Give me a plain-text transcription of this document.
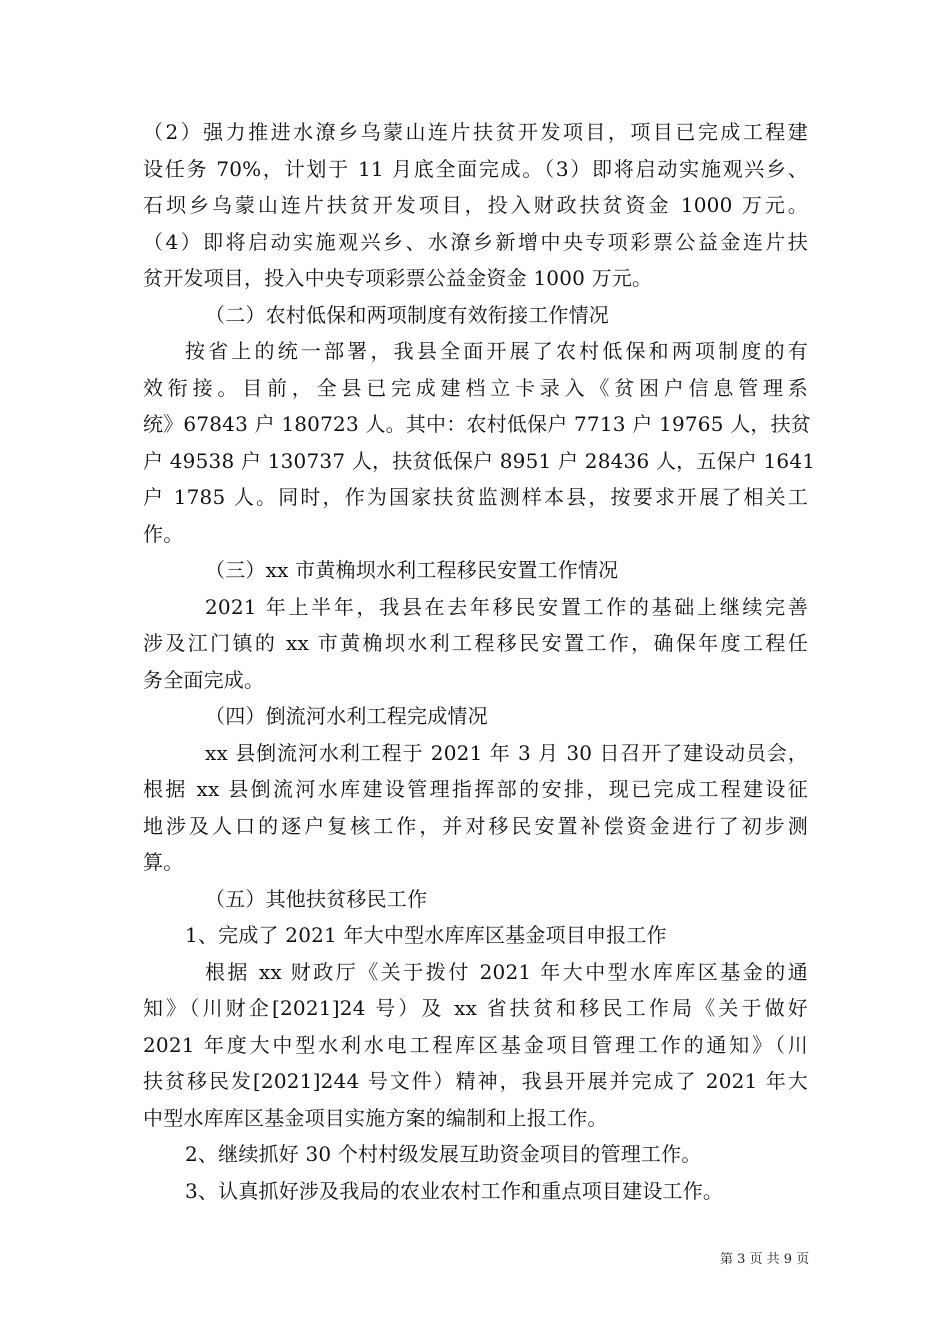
（2）强力推进水潦乡乌蒙山连片扶贫开发项目，项目已完成工程建
设任务 70%，计划于 11 月底全面完成。（3）即将启动实施观兴乡、
石坝乡乌蒙山连片扶贫开发项目，投入财政扶贫资金 1000 万元。
（4）即将启动实施观兴乡、水潦乡新增中央专项彩票公益金连片扶
贫开发项目，投入中央专项彩票公益金资金 1000 万元。
（二）农村低保和两项制度有效衔接工作情况
按省上的统一部署，我县全面开展了农村低保和两项制度的有
效衔接。目前，全县已完成建档立卡录入《贫困户信息管理系
统》67843 户 180723 人。其中：农村低保户 7713 户 19765 人，扶贫
户 49538 户 130737 人，扶贫低保户 8951 户 28436 人，五保户 1641
户 1785 人。同时，作为国家扶贫监测样本县，按要求开展了相关工
作。
（三）xx 市黄桷坝水利工程移民安置工作情况
2021 年上半年，我县在去年移民安置工作的基础上继续完善
涉及江门镇的 xx 市黄桷坝水利工程移民安置工作，确保年度工程任
务全面完成。
（四）倒流河水利工程完成情况
xx 县倒流河水利工程于 2021 年 3 月 30 日召开了建设动员会，
根据 xx 县倒流河水库建设管理指挥部的安排，现已完成工程建设征
地涉及人口的逐户复核工作，并对移民安置补偿资金进行了初步测
算。
（五）其他扶贫移民工作
1、完成了 2021 年大中型水库库区基金项目申报工作
根据 xx 财政厅《关于拨付 2021 年大中型水库库区基金的通
知》（川财企[2021]24 号）及 xx 省扶贫和移民工作局《关于做好
2021 年度大中型水利水电工程库区基金项目管理工作的通知》（川
扶贫移民发[2021]244 号文件）精神，我县开展并完成了 2021 年大
中型水库库区基金项目实施方案的编制和上报工作。
2、继续抓好 30 个村村级发展互助资金项目的管理工作。
3、认真抓好涉及我局的农业农村工作和重点项目建设工作。
第 3 页 共 9 页
